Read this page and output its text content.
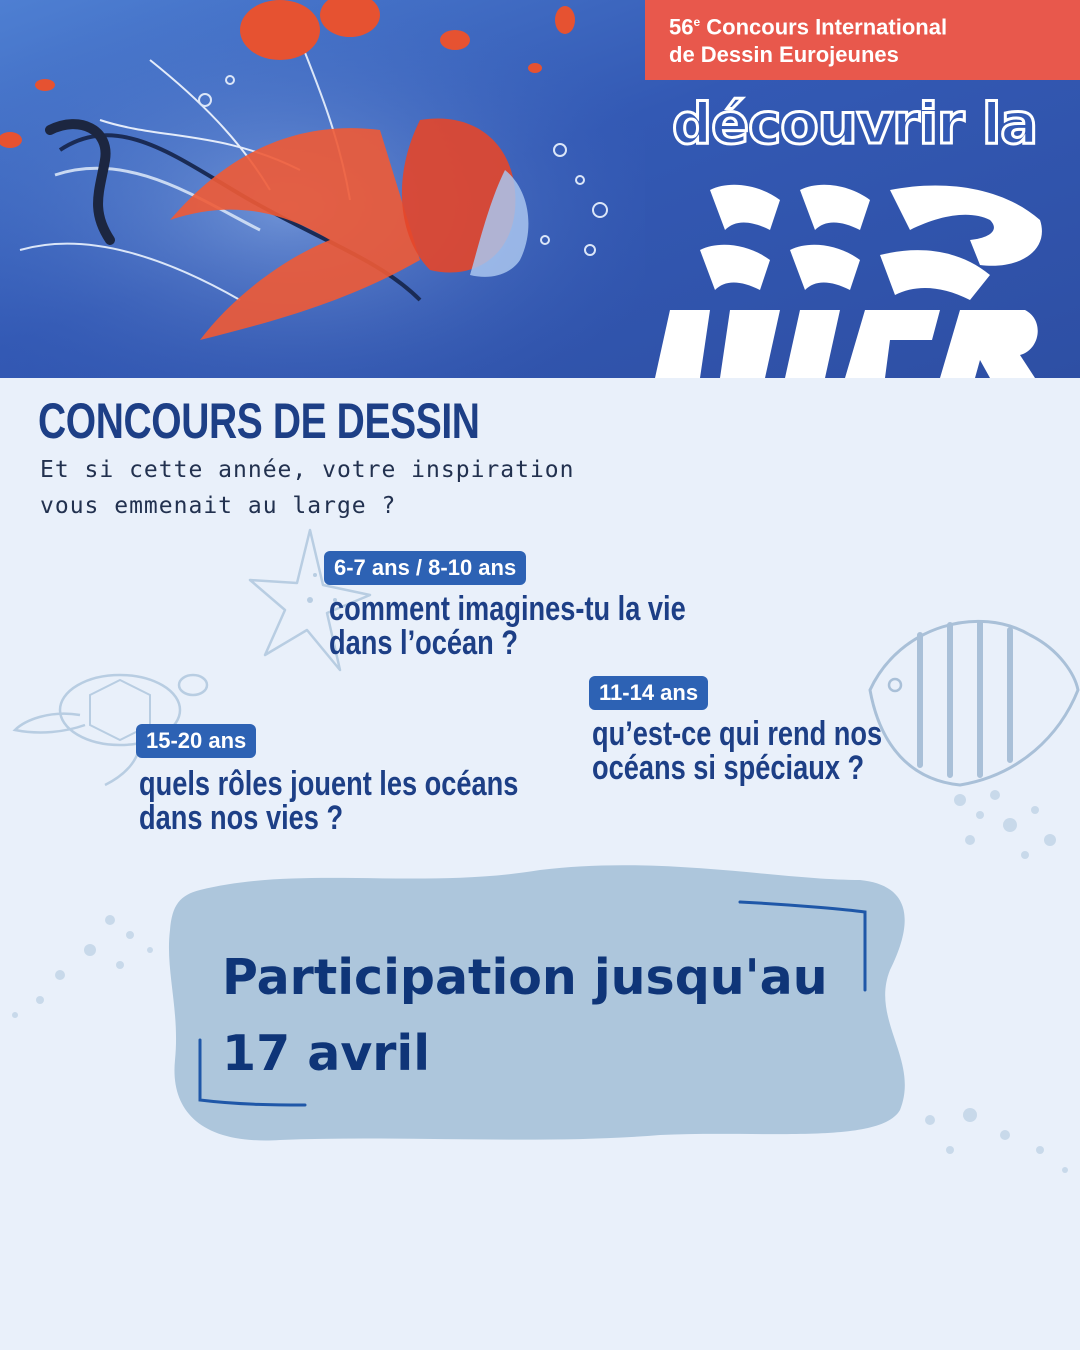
56e Concours International
de Dessin Eurojeunes
découvrir la
CONCOURS DE DESSIN
Et si cette année, votre inspiration vous emmenait au large ?
6-7 ans / 8-10 ans
comment imagines-tu la vie
dans l’océan ?
11-14 ans
qu’est-ce qui rend nos
océans si spéciaux ?
15-20 ans
quels rôles jouent les océans
dans nos vies ?
Participation jusqu'au
17 avril
